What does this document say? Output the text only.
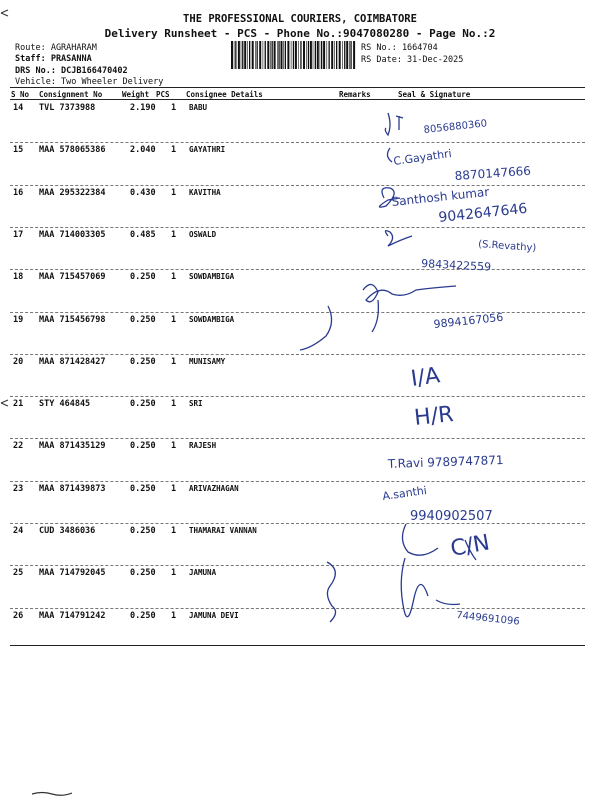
THE PROFESSIONAL COURIERS, COIMBATORE
Delivery Runsheet - PCS - Phone No.:9047080280 - Page No.:2
Route: AGRAHARAM
Staff: PRASANNA
DRS No.: DCJB166470402
Vehicle: Two Wheeler Delivery
RS No.: 1664704
RS Date: 31-Dec-2025
S No Consignment No	Weight PCS Consignee Details	Remarks	Seal & Signature
14 TVL 7373988	2.190 1 BABU
15 MAA 578065386	2.040 1 GAYATHRI
16 MAA 295322384	0.430 1 KAVITHA
17 MAA 714003305	0.485 1 OSWALD
18 MAA 715457069	0.250 1 SOWDAMBIGA
19 MAA 715456798	0.250 1 SOWDAMBIGA
20 MAA 871428427	0.250 1 MUNISAMY
21 STY 464845	0.250 1 SRI
22 MAA 871435129	0.250 1 RAJESH
23 MAA 871439873	0.250 1 ARIVAZHAGAN
24 CUD 3486036	0.250 1 THAMARAI VANNAN
25 MAA 714792045	0.250 1 JAMUNA
26 MAA 714791242	0.250 1 JAMUNA DEVI
8056880360
C.Gayathri
8870147666
Santhosh kumar
9042647646
(S.Revathy)
9843422559
9894167056
I/A
H/R
T.Ravi 9789747871
A.santhi
9940902507
C/N
7449691096
